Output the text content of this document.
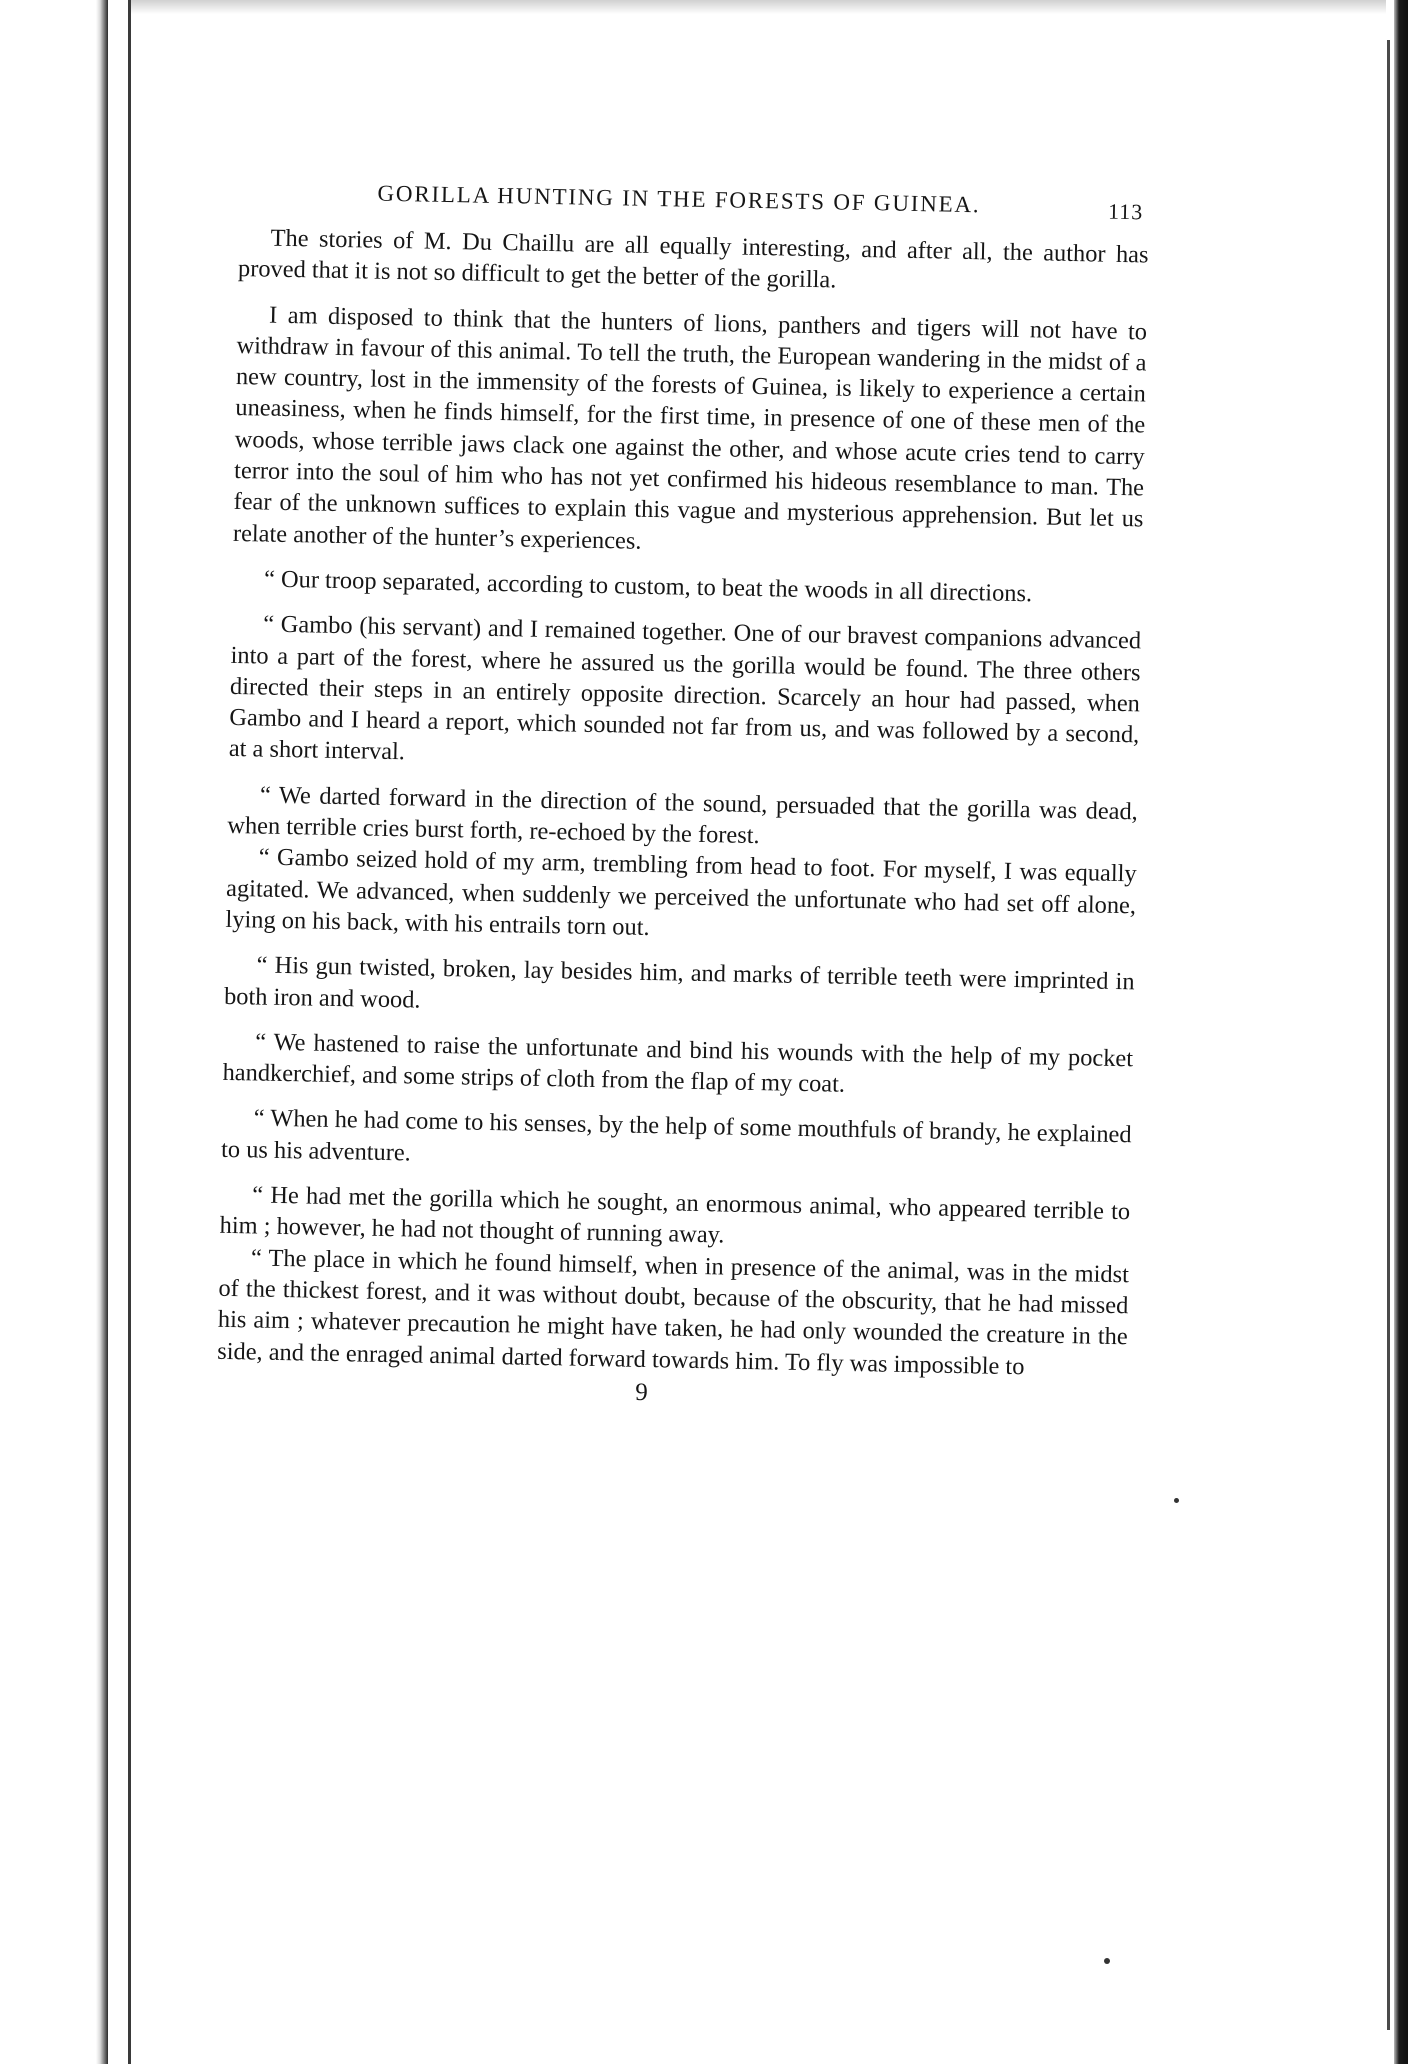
GORILLA HUNTING IN THE FORESTS OF GUINEA.	113

The stories of M. Du Chaillu are all equally interesting, and after all, the author has proved that it is not so difficult to get the better of the gorilla.

I am disposed to think that the hunters of lions, panthers and tigers will not have to withdraw in favour of this animal. To tell the truth, the European wandering in the midst of a new country, lost in the immensity of the forests of Guinea, is likely to experience a certain uneasiness, when he finds himself, for the first time, in presence of one of these men of the woods, whose terrible jaws clack one against the other, and whose acute cries tend to carry terror into the soul of him who has not yet confirmed his hideous resemblance to man. The fear of the unknown suffices to explain this vague and mysterious apprehension. But let us relate another of the hunter’s experiences.

“ Our troop separated, according to custom, to beat the woods in all directions.

“ Gambo (his servant) and I remained together. One of our bravest companions advanced into a part of the forest, where he assured us the gorilla would be found. The three others directed their steps in an entirely opposite direction. Scarcely an hour had passed, when Gambo and I heard a report, which sounded not far from us, and was followed by a second, at a short interval.

“ We darted forward in the direction of the sound, persuaded that the gorilla was dead, when terrible cries burst forth, re-echoed by the forest.

“ Gambo seized hold of my arm, trembling from head to foot. For myself, I was equally agitated. We advanced, when suddenly we perceived the unfortunate who had set off alone, lying on his back, with his entrails torn out.

“ His gun twisted, broken, lay besides him, and marks of terrible teeth were imprinted in both iron and wood.

“ We hastened to raise the unfortunate and bind his wounds with the help of my pocket handkerchief, and some strips of cloth from the flap of my coat.

“ When he had come to his senses, by the help of some mouthfuls of brandy, he explained to us his adventure.

“ He had met the gorilla which he sought, an enormous animal, who appeared terrible to him ; however, he had not thought of running away.

“ The place in which he found himself, when in presence of the animal, was in the midst of the thickest forest, and it was without doubt, because of the obscurity, that he had missed his aim ; whatever precaution he might have taken, he had only wounded the creature in the side, and the enraged animal darted forward towards him. To fly was impossible to

9
